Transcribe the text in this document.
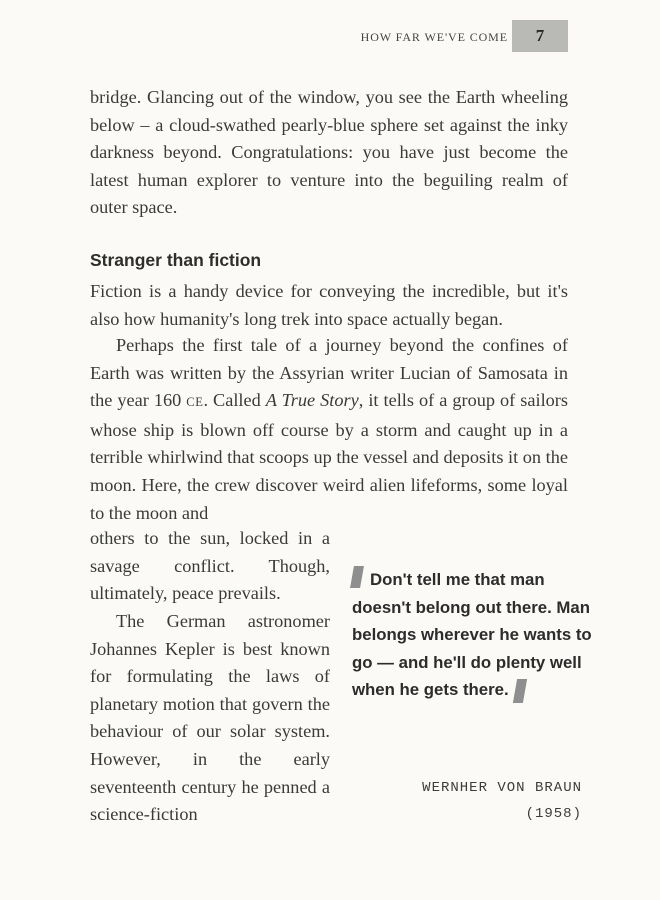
HOW FAR WE'VE COME	7

bridge. Glancing out of the window, you see the Earth wheeling below – a cloud-swathed pearly-blue sphere set against the inky darkness beyond. Congratulations: you have just become the latest human explorer to venture into the beguiling realm of outer space.

Stranger than fiction

Fiction is a handy device for conveying the incredible, but it's also how humanity's long trek into space actually began.

Perhaps the first tale of a journey beyond the confines of Earth was written by the Assyrian writer Lucian of Samosata in the year 160 CE. Called A True Story, it tells of a group of sailors whose ship is blown off course by a storm and caught up in a terrible whirlwind that scoops up the vessel and deposits it on the moon. Here, the crew discover weird alien lifeforms, some loyal to the moon and

others to the sun, locked in a savage conflict. Though, ultimately, peace prevails.

The German astronomer Johannes Kepler is best known for formulating the laws of planetary motion that govern the behaviour of our solar system. However, in the early seventeenth century he penned a science-fiction

Don't tell me that man doesn't belong out there. Man belongs wherever he wants to go — and he'll do plenty well when he gets there.
WERNHER VON BRAUN
(1958)
